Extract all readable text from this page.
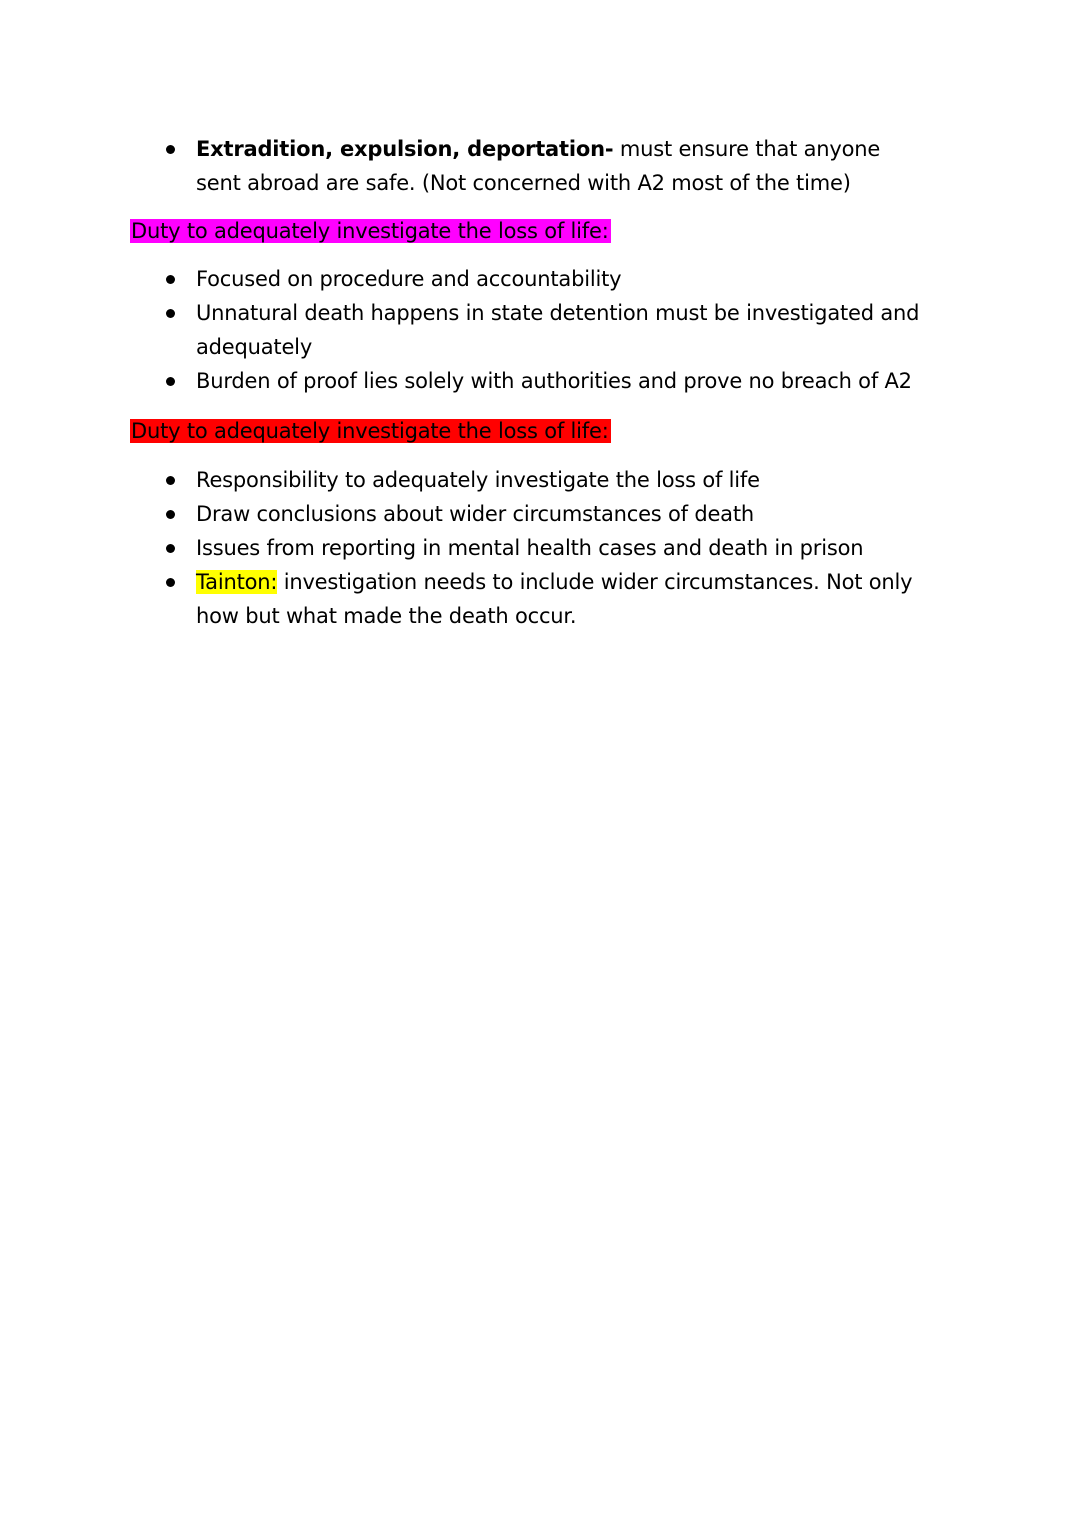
Extradition, expulsion, deportation- must ensure that anyone sent abroad are safe. (Not concerned with A2 most of the time)
Duty to adequately investigate the loss of life:
Focused on procedure and accountability
Unnatural death happens in state detention must be investigated and adequately
Burden of proof lies solely with authorities and prove no breach of A2
Duty to adequately investigate the loss of life:
Responsibility to adequately investigate the loss of life
Draw conclusions about wider circumstances of death
Issues from reporting in mental health cases and death in prison
Tainton: investigation needs to include wider circumstances. Not only how but what made the death occur.
